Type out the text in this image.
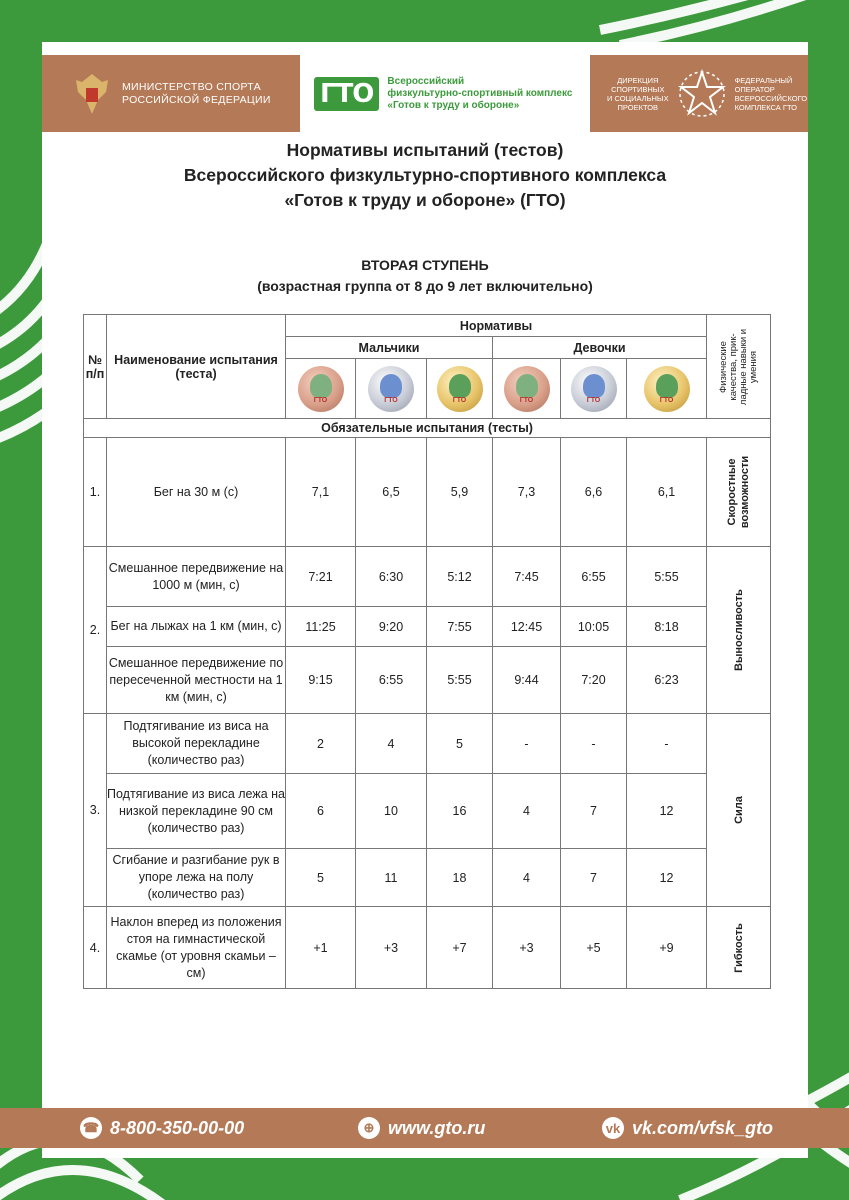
МИНИСТЕРСТВО СПОРТА
РОССИЙСКОЙ ФЕДЕРАЦИИ ГТО	Всероссийский
физкультурно-спортивный комплекс
«Готов к труду и обороне»
ДИРЕКЦИЯ
СПОРТИВНЫХ
И СОЦИАЛЬНЫХ
ПРОЕКТОВ
ФЕДЕРАЛЬНЫЙ
ОПЕРАТОР
ВСЕРОССИЙСКОГО
КОМПЛЕКСА ГТО
Нормативы испытаний (тестов)
Всероссийского физкультурно-спортивного комплекса
«Готов к труду и обороне» (ГТО)
ВТОРАЯ СТУПЕНЬ
(возрастная группа от 8 до 9 лет включительно)
№ п/п	Наименование испытания (теста)	Нормативы						Физические качества, прик- ладные навыки и умения

		Мальчики			Девочки			

		ГТО	ГТО	ГТО	ГТО	ГТО	ГТО	

Обязательные испытания (тесты)								
1.	Бег на 30 м (с)	7,1	6,5	5,9	7,3	6,6	6,1	Скоростные возможности

2.	Смешанное передвижение на 1000 м (мин, с)	7:21	6:30	5:12	7:45	6:55	5:55	Выносливость

	Бег на лыжах на 1 км (мин, с)	11:25	9:20	7:55	12:45	10:05	8:18	
	Смешанное передвижение по пересеченной местности на 1 км (мин, с)	9:15	6:55	5:55	9:44	7:20	6:23	
3.	Подтягивание из виса на высокой перекладине (количество раз)	2	4	5	-	-	-	Сила

	Подтягивание из виса лежа на низкой перекладине 90 см (количество раз)	6	10	16	4	7	12	
	Сгибание и разгибание рук в упоре лежа на полу (количество раз)	5	11	18	4	7	12	
4.	Наклон вперед из положения стоя на гимнастической скамье (от уровня скамьи – см)	+1	+3	+7	+3	+5	+9	Гибкость
☎ 8-800-350-00-00	⊕ www.gto.ru	vk vk.com/vfsk_gto
